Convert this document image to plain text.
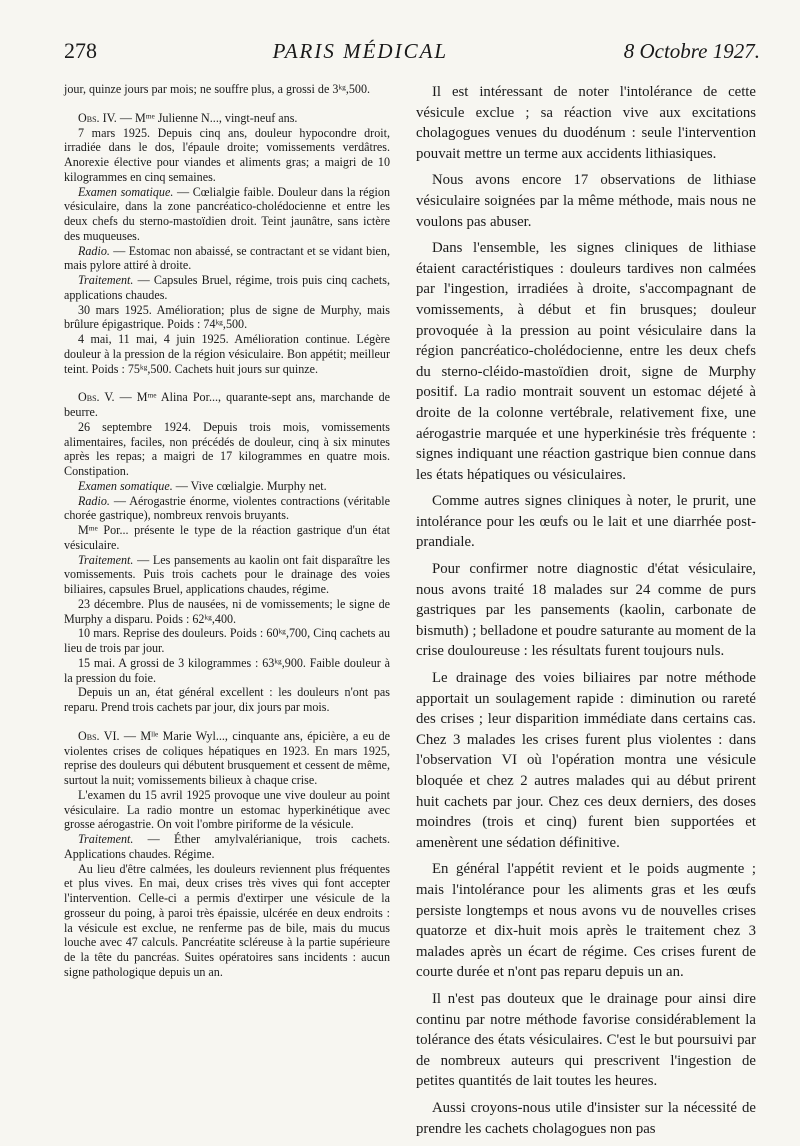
278	PARIS MÉDICAL	8 Octobre 1927.

jour, quinze jours par mois; ne souffre plus, a grossi de 3ᵏᵍ,500.

Obs. IV. — Mᵐᵉ Julienne N..., vingt-neuf ans.

7 mars 1925. Depuis cinq ans, douleur hypocondre droit, irradiée dans le dos, l'épaule droite; vomissements verdâtres. Anorexie élective pour viandes et aliments gras; a maigri de 10 kilogrammes en cinq semaines.

Examen somatique. — Cœlialgie faible. Douleur dans la région vésiculaire, dans la zone pancréatico-cholédocienne et entre les deux chefs du sterno-mastoïdien droit. Teint jaunâtre, sans ictère des muqueuses.

Radio. — Estomac non abaissé, se contractant et se vidant bien, mais pylore attiré à droite.

Traitement. — Capsules Bruel, régime, trois puis cinq cachets, applications chaudes.

30 mars 1925. Amélioration; plus de signe de Murphy, mais brûlure épigastrique. Poids : 74ᵏᵍ,500.

4 mai, 11 mai, 4 juin 1925. Amélioration continue. Légère douleur à la pression de la région vésiculaire. Bon appétit; meilleur teint. Poids : 75ᵏᵍ,500. Cachets huit jours sur quinze.

Obs. V. — Mᵐᵉ Alina Por..., quarante-sept ans, marchande de beurre.

26 septembre 1924. Depuis trois mois, vomissements alimentaires, faciles, non précédés de douleur, cinq à six minutes après les repas; a maigri de 17 kilogrammes en quatre mois. Constipation.

Examen somatique. — Vive cœlialgie. Murphy net.

Radio. — Aérogastrie énorme, violentes contractions (véritable chorée gastrique), nombreux renvois bruyants.

Mᵐᵉ Por... présente le type de la réaction gastrique d'un état vésiculaire.

Traitement. — Les pansements au kaolin ont fait disparaître les vomissements. Puis trois cachets pour le drainage des voies biliaires, capsules Bruel, applications chaudes, régime.

23 décembre. Plus de nausées, ni de vomissements; le signe de Murphy a disparu. Poids : 62ᵏᵍ,400.

10 mars. Reprise des douleurs. Poids : 60ᵏᵍ,700, Cinq cachets au lieu de trois par jour.

15 mai. A grossi de 3 kilogrammes : 63ᵏᵍ,900. Faible douleur à la pression du foie.

Depuis un an, état général excellent : les douleurs n'ont pas reparu. Prend trois cachets par jour, dix jours par mois.

Obs. VI. — Mˡˡᵉ Marie Wyl..., cinquante ans, épicière, a eu de violentes crises de coliques hépatiques en 1923. En mars 1925, reprise des douleurs qui débutent brusquement et cessent de même, surtout la nuit; vomissements bilieux à chaque crise.

L'examen du 15 avril 1925 provoque une vive douleur au point vésiculaire. La radio montre un estomac hyperkinétique avec grosse aérogastrie. On voit l'ombre piriforme de la vésicule.

Traitement. — Éther amylvalérianique, trois cachets. Applications chaudes. Régime.

Au lieu d'être calmées, les douleurs reviennent plus fréquentes et plus vives. En mai, deux crises très vives qui font accepter l'intervention. Celle-ci a permis d'extirper une vésicule de la grosseur du poing, à paroi très épaissie, ulcérée en deux endroits : la vésicule est exclue, ne renferme pas de bile, mais du mucus louche avec 47 calculs. Pancréatite scléreuse à la partie supérieure de la tête du pancréas. Suites opératoires sans incidents : aucun signe pathologique depuis un an.

Il est intéressant de noter l'intolérance de cette vésicule exclue ; sa réaction vive aux excitations cholagogues venues du duodénum : seule l'intervention pouvait mettre un terme aux accidents lithiasiques.

Nous avons encore 17 observations de lithiase vésiculaire soignées par la même méthode, mais nous ne voulons pas abuser.

Dans l'ensemble, les signes cliniques de lithiase étaient caractéristiques : douleurs tardives non calmées par l'ingestion, irradiées à droite, s'accompagnant de vomissements, à début et fin brusques; douleur provoquée à la pression au point vésiculaire dans la région pancréatico-cholédocienne, entre les deux chefs du sterno-cléido-mastoïdien droit, signe de Murphy positif. La radio montrait souvent un estomac déjeté à droite de la colonne vertébrale, relativement fixe, une aérogastrie marquée et une hyperkinésie très fréquente : signes indiquant une réaction gastrique bien connue dans les états hépatiques ou vésiculaires.

Comme autres signes cliniques à noter, le prurit, une intolérance pour les œufs ou le lait et une diarrhée post-prandiale.

Pour confirmer notre diagnostic d'état vésiculaire, nous avons traité 18 malades sur 24 comme de purs gastriques par les pansements (kaolin, carbonate de bismuth) ; belladone et poudre saturante au moment de la crise douloureuse : les résultats furent toujours nuls.

Le drainage des voies biliaires par notre méthode apportait un soulagement rapide : diminution ou rareté des crises ; leur disparition immédiate dans certains cas. Chez 3 malades les crises furent plus violentes : dans l'observation VI où l'opération montra une vésicule bloquée et chez 2 autres malades qui au début prirent huit cachets par jour. Chez ces deux derniers, des doses moindres (trois et cinq) furent bien supportées et amenèrent une sédation définitive.

En général l'appétit revient et le poids augmente ; mais l'intolérance pour les aliments gras et les œufs persiste longtemps et nous avons vu de nouvelles crises quatorze et dix-huit mois après le traitement chez 3 malades après un écart de régime. Ces crises furent de courte durée et n'ont pas reparu depuis un an.

Il n'est pas douteux que le drainage pour ainsi dire continu par notre méthode favorise considérablement la tolérance des états vésiculaires. C'est le but poursuivi par de nombreux auteurs qui prescrivent l'ingestion de petites quantités de lait toutes les heures.

Aussi croyons-nous utile d'insister sur la nécessité de prendre les cachets cholagogues non pas
